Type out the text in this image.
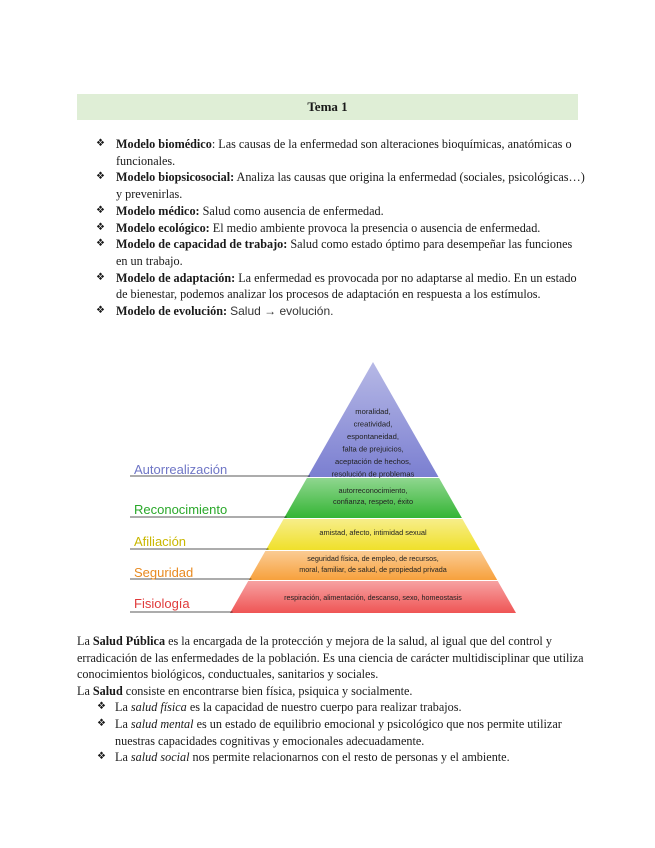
Tema 1
❖ Modelo biomédico: Las causas de la enfermedad son alteraciones bioquímicas, anatómicas o funcionales.
❖ Modelo biopsicosocial: Analiza las causas que origina la enfermedad (sociales, psicológicas…) y prevenirlas.
❖ Modelo médico: Salud como ausencia de enfermedad.
❖ Modelo ecológico: El medio ambiente provoca la presencia o ausencia de enfermedad.
❖ Modelo de capacidad de trabajo: Salud como estado óptimo para desempeñar las funciones en un trabajo.
❖ Modelo de adaptación: La enfermedad es provocada por no adaptarse al medio. En un estado de bienestar, podemos analizar los procesos de adaptación en respuesta a los estímulos.
❖ Modelo de evolución: Salud → evolución.
Autorrealización
Reconocimiento
Afiliación
Seguridad
Fisiología
moralidad,
creatividad,
espontaneidad,
falta de prejuicios,
aceptación de hechos,
resolución de problemas
autorreconocimiento,
confianza, respeto, éxito
amistad, afecto, intimidad sexual
seguridad física, de empleo, de recursos,
moral, familiar, de salud, de propiedad privada
respiración, alimentación, descanso, sexo, homeostasis

La Salud Pública es la encargada de la protección y mejora de la salud, al igual que del control y erradicación de las enfermedades de la población. Es una ciencia de carácter multidisciplinar que utiliza conocimientos biológicos, conductuales, sanitarios y sociales.

La Salud consiste en encontrarse bien física, psiquica y socialmente.

❖ La salud física es la capacidad de nuestro cuerpo para realizar trabajos.
❖ La salud mental es un estado de equilibrio emocional y psicológico que nos permite utilizar nuestras capacidades cognitivas y emocionales adecuadamente.
❖ La salud social nos permite relacionarnos con el resto de personas y el ambiente.
